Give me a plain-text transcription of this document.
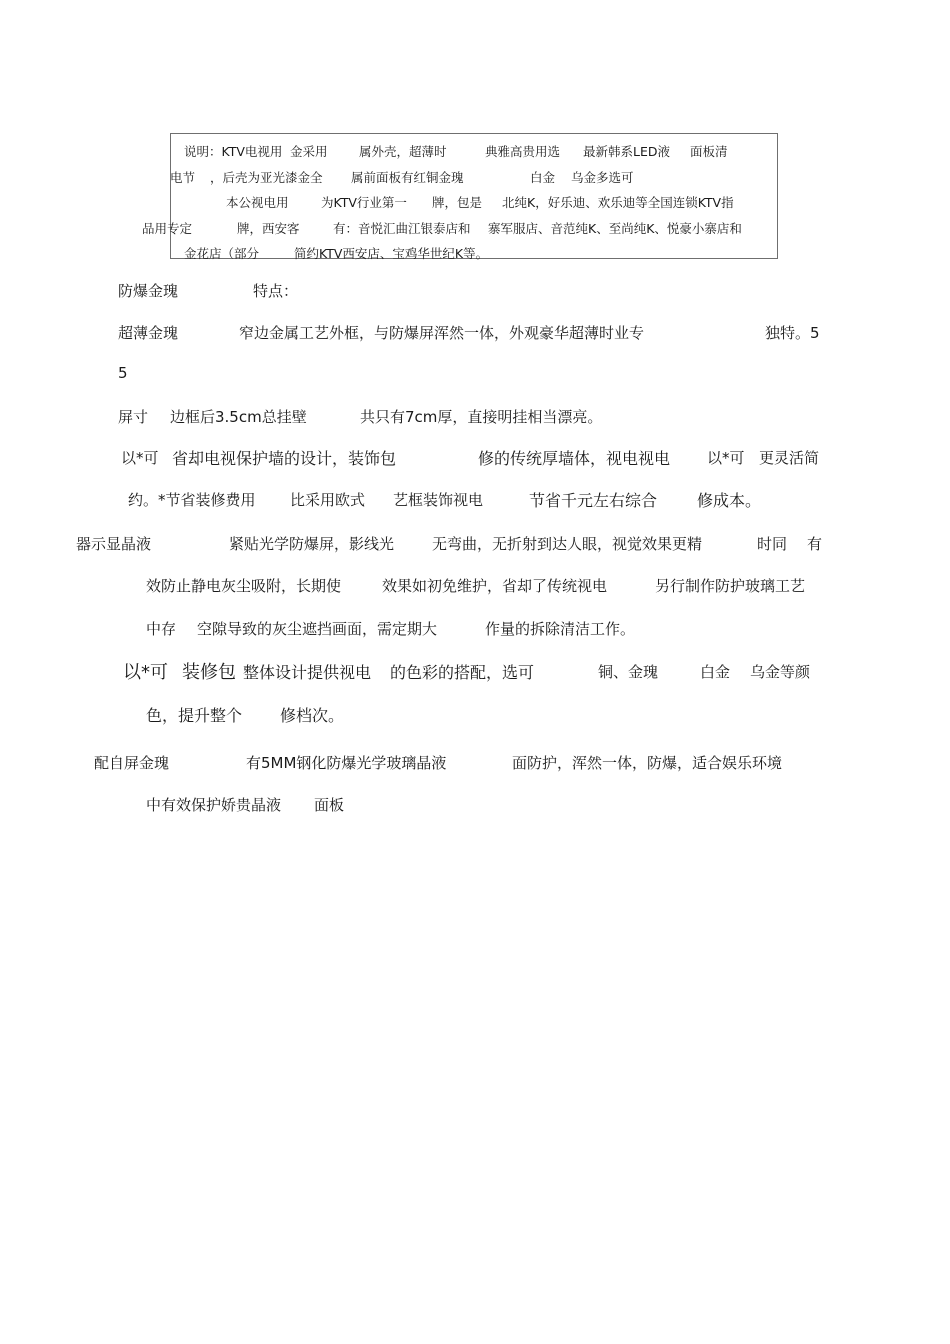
说明：KTV电视用 金采用	属外壳，超薄时	典雅高贵用选 最新韩系LED液 面板清
电节 ，后壳为亚光漆金全 属前面板有红铜金瑰	白金 乌金多选可
本公视电用	为KTV行业第一 牌，包是 北纯K，好乐迪、欢乐迪等全国连锁KTV指
品用专定	牌，西安客	有：音悦汇曲江银泰店和 寨军服店、音范纯K、至尚纯K、悦豪小寨店和
金花店（部分	简约KTV西安店、宝鸡华世纪K等。
防爆金瑰	特点：
超薄金瑰	窄边金属工艺外框，与防爆屏浑然一体，外观豪华超薄时业专	独特。5
5
屏寸 边框后3.5cm总挂壁	共只有7cm厚，直接明挂相当漂亮。
以*可 省却电视保护墙的设计，装饰包	修的传统厚墙体，视电视电 以*可 更灵活简
约。*节省装修费用 比采用欧式 艺框装饰视电	节省千元左右综合 修成本。
器示显晶液	紧贴光学防爆屏，影线光	无弯曲，无折射到达人眼，视觉效果更精	时同 有
效防止静电灰尘吸附，长期使	效果如初免维护，省却了传统视电	另行制作防护玻璃工艺
中存 空隙导致的灰尘遮挡画面，需定期大	作量的拆除清洁工作。
以*可 装修包 整体设计提供视电 的色彩的搭配，选可	铜、金瑰	白金 乌金等颜
色，提升整个 修档次。
配自屏金瑰	有5MM钢化防爆光学玻璃晶液	面防护，浑然一体，防爆，适合娱乐环境
中有效保护娇贵晶液 面板
